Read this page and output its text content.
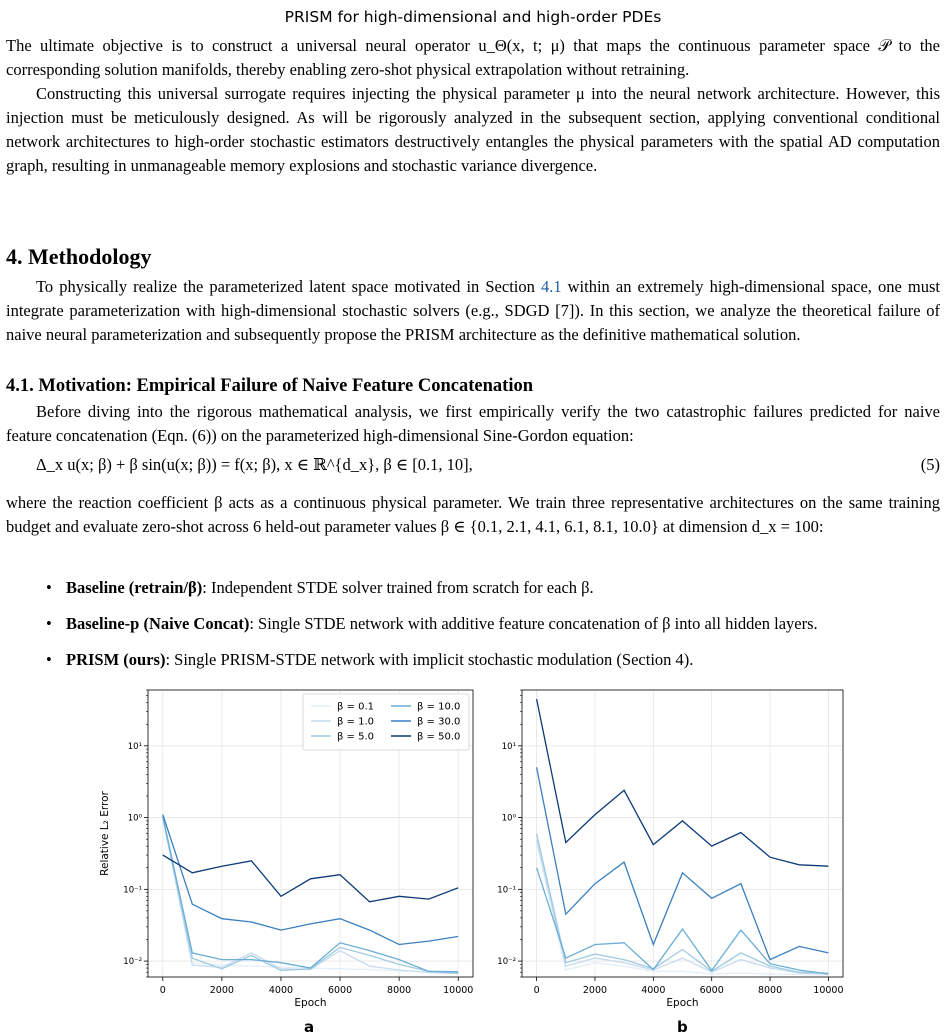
PRISM for high-dimensional and high-order PDEs

The ultimate objective is to construct a universal neural operator u_Θ(x, t; μ) that maps the continuous parameter space 𝒫 to the corresponding solution manifolds, thereby enabling zero-shot physical extrapolation without retraining.

Constructing this universal surrogate requires injecting the physical parameter μ into the neural network architecture. However, this injection must be meticulously designed. As will be rigorously analyzed in the subsequent section, applying conventional conditional network architectures to high-order stochastic estimators destructively entangles the physical parameters with the spatial AD computation graph, resulting in unmanageable memory explosions and stochastic variance divergence.

4. Methodology

To physically realize the parameterized latent space motivated in Section 4.1 within an extremely high-dimensional space, one must integrate parameterization with high-dimensional stochastic solvers (e.g., SDGD [7]). In this section, we analyze the theoretical failure of naive neural parameterization and subsequently propose the PRISM architecture as the definitive mathematical solution.

4.1. Motivation: Empirical Failure of Naive Feature Concatenation

Before diving into the rigorous mathematical analysis, we first empirically verify the two catastrophic failures predicted for naive feature concatenation (Eqn. (6)) on the parameterized high-dimensional Sine-Gordon equation:

Δ_x u(x; β) + β sin(u(x; β)) = f(x; β), x ∈ ℝ^{d_x}, β ∈ [0.1, 10],	(5)

where the reaction coefficient β acts as a continuous physical parameter. We train three representative architectures on the same training budget and evaluate zero-shot across 6 held-out parameter values β ∈ {0.1, 2.1, 4.1, 6.1, 8.1, 10.0} at dimension d_x = 100:

• Baseline (retrain/β): Independent STDE solver trained from scratch for each β.
• Baseline-p (Naive Concat): Single STDE network with additive feature concatenation of β into all hidden layers.
• PRISM (ours): Single PRISM-STDE network with implicit stochastic modulation (Section 4).
0	2000	4000	6000	8000	10000
10⁻²
10⁻¹
10⁰
10¹
Epoch
Relative L₂ Error
β = 0.1
β = 1.0
β = 5.0
β = 10.0
β = 30.0
β = 50.0
0	2000	4000	6000	8000	10000
10⁻²
10⁻¹
10⁰
10¹
Epoch
a	b
